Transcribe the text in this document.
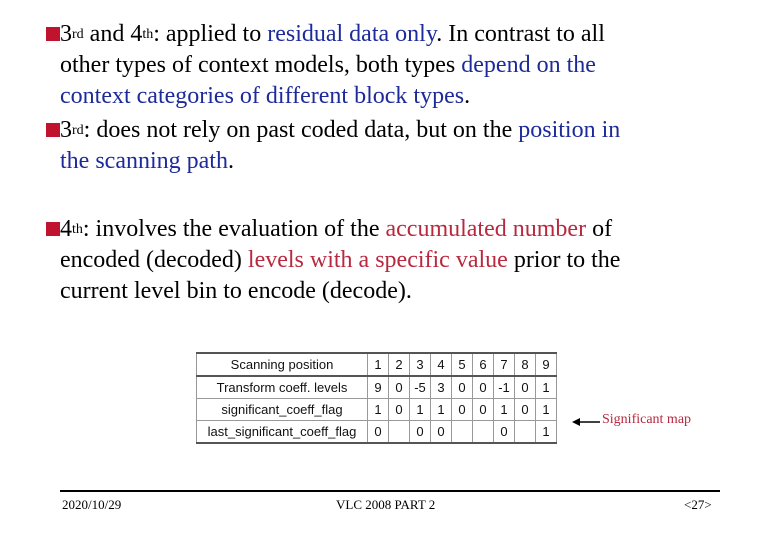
3rd and 4th: applied to residual data only. In contrast to all
other types of context models, both types depend on the
context categories of different block types.
3rd: does not rely on past coded data, but on the position in
the scanning path.
4th: involves the evaluation of the accumulated number of
encoded (decoded) levels with a specific value prior to the
current level bin to encode (decode).
Scanning position	1	2	3	4	5	6	7	8	9
Transform coeff. levels	9	0	-5	3	0	0	-1	0	1
significant_coeff_flag	1	0	1	1	0	0	1	0	1
last_significant_coeff_flag	0		0	0			0		1
Significant map
2020/10/29	VLC 2008 PART 2	<27>
